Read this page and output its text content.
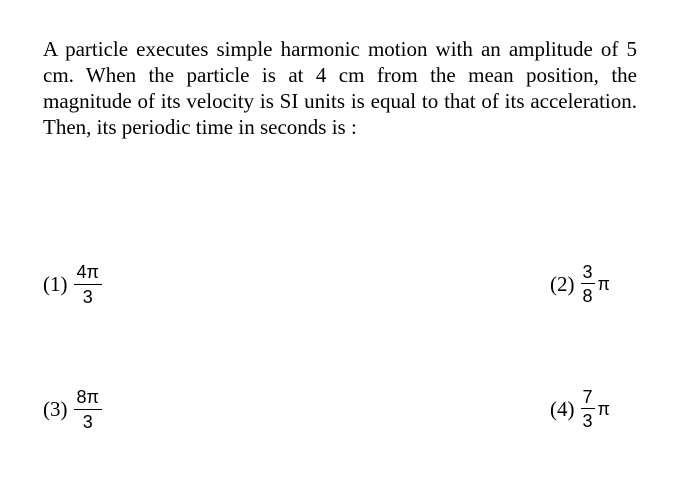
A particle executes simple harmonic motion with an amplitude of 5 cm. When the particle is at 4 cm from the mean position, the magnitude of its velocity is SI units is equal to that of its acceleration. Then, its periodic time in seconds is :

$(1) \frac{4\pi}{3}$	$(2) \frac{3}{8}$ π
$(3) \frac{8\pi}{3}$	$(4) \frac{7}{3}$ π
